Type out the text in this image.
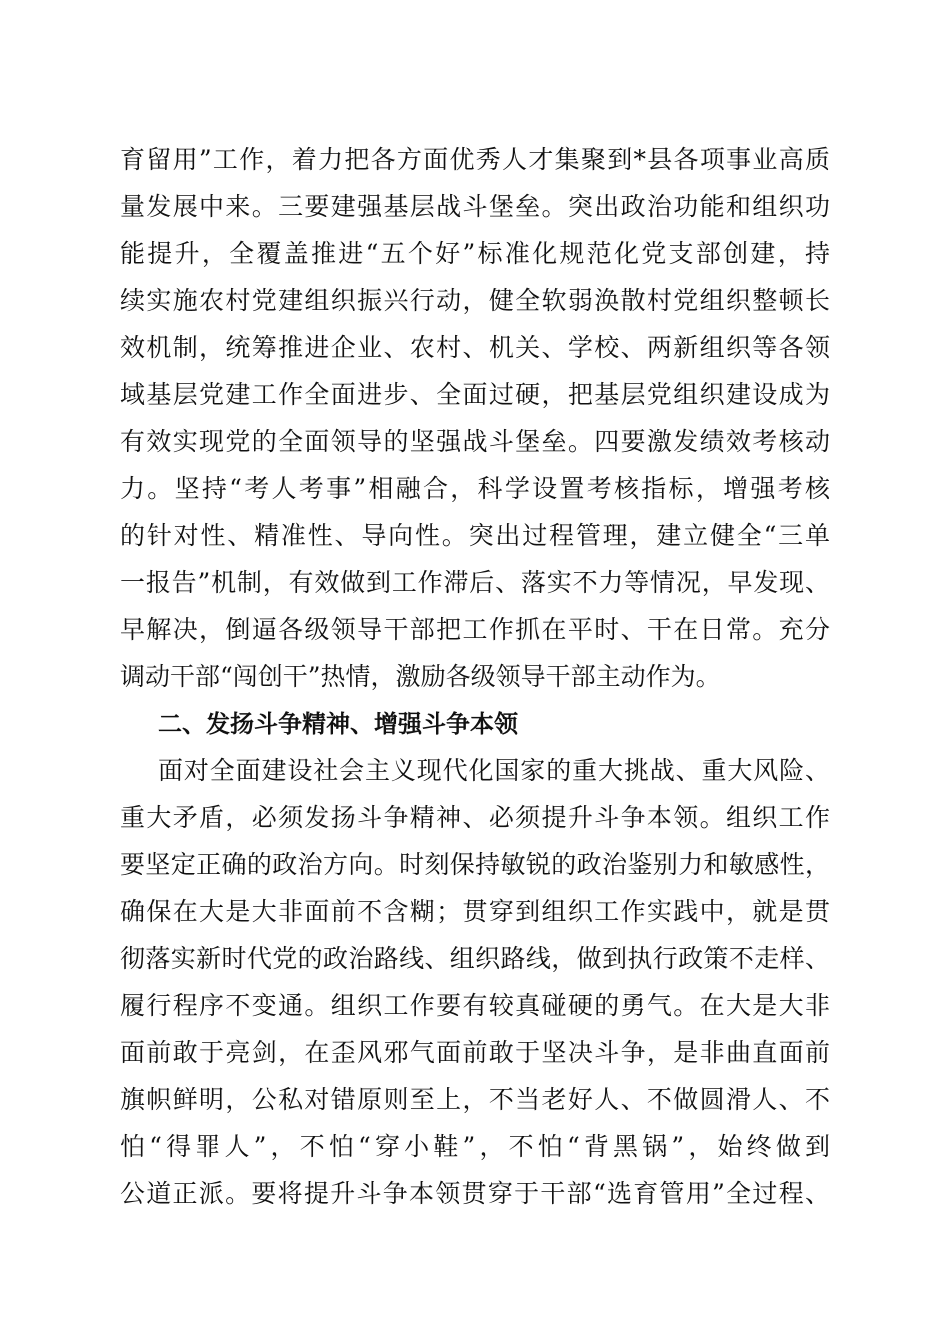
育留用”工作，着力把各方面优秀人才集聚到*县各项事业高质

量发展中来。三要建强基层战斗堡垒。突出政治功能和组织功

能提升，全覆盖推进“五个好”标准化规范化党支部创建，持

续实施农村党建组织振兴行动，健全软弱涣散村党组织整顿长

效机制，统筹推进企业、农村、机关、学校、两新组织等各领

域基层党建工作全面进步、全面过硬，把基层党组织建设成为

有效实现党的全面领导的坚强战斗堡垒。四要激发绩效考核动

力。坚持“考人考事”相融合，科学设置考核指标，增强考核

的针对性、精准性、导向性。突出过程管理，建立健全“三单

一报告”机制，有效做到工作滞后、落实不力等情况，早发现、

早解决，倒逼各级领导干部把工作抓在平时、干在日常。充分

调动干部“闯创干”热情，激励各级领导干部主动作为。

二、发扬斗争精神、增强斗争本领

面对全面建设社会主义现代化国家的重大挑战、重大风险、

重大矛盾，必须发扬斗争精神、必须提升斗争本领。组织工作

要坚定正确的政治方向。时刻保持敏锐的政治鉴别力和敏感性，

确保在大是大非面前不含糊；贯穿到组织工作实践中，就是贯

彻落实新时代党的政治路线、组织路线，做到执行政策不走样、

履行程序不变通。组织工作要有较真碰硬的勇气。在大是大非

面前敢于亮剑，在歪风邪气面前敢于坚决斗争，是非曲直面前

旗帜鲜明，公私对错原则至上，不当老好人、不做圆滑人、不

怕“得罪人”，不怕“穿小鞋”，不怕“背黑锅”，始终做到

公道正派。要将提升斗争本领贯穿于干部“选育管用”全过程、
